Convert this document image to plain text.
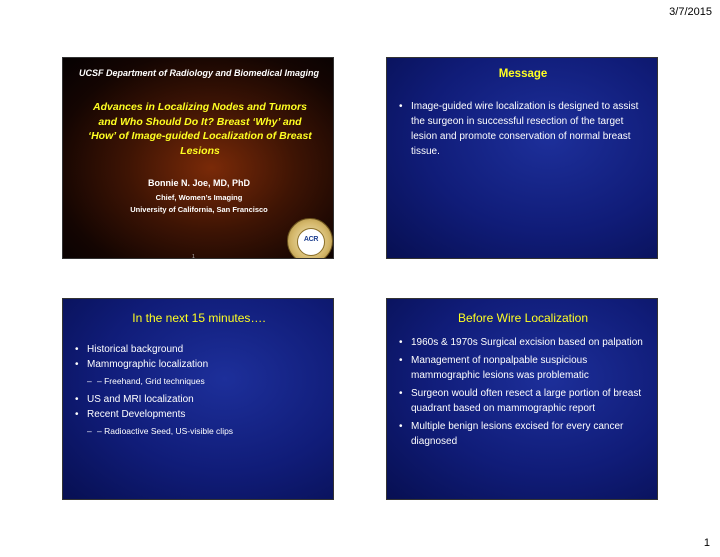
3/7/2015
UCSF Department of Radiology and Biomedical Imaging
Advances in Localizing Nodes and Tumors and Who Should Do It? Breast ‘Why’ and ‘How’ of Image-guided Localization of Breast Lesions
Bonnie N. Joe, MD, PhD
Chief, Women’s Imaging
University of California, San Francisco
ACR
1
Message
• Image-guided wire localization is designed to assist the surgeon in successful resection of the target lesion and promote conservation of normal breast tissue.
In the next 15 minutes….
• Historical background
• Mammographic localization
– – Freehand, Grid techniques
• US and MRI localization
• Recent Developments
– – Radioactive Seed, US-visible clips
Before Wire Localization
• 1960s & 1970s Surgical excision based on palpation
• Management of nonpalpable suspicious mammographic lesions was problematic
• Surgeon would often resect a large portion of breast quadrant based on mammographic report
• Multiple benign lesions excised for every cancer diagnosed
1
